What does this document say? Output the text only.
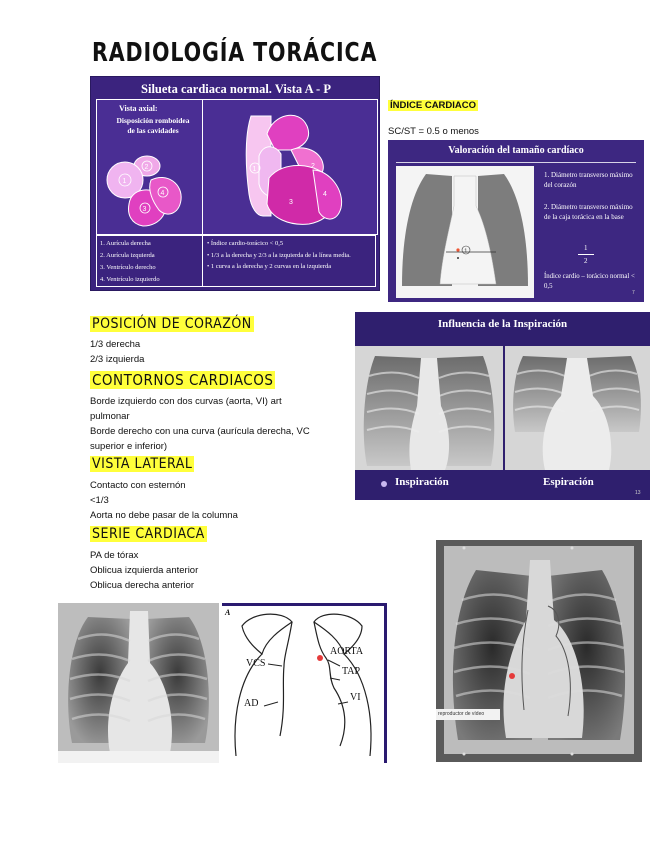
RADIOLOGÍA TORÁCICA
Silueta cardiaca normal. Vista A - P
Vista axial:
Disposición romboidea de las cavidades
1
2
3
4
1	2
3
4
1. Aurícula derecha
2. Aurícula izquierda
3. Ventrículo derecho
4. Ventrículo izquierdo
• Índice cardio-torácico < 0,5
• 1/3 a la derecha y 2/3 a la izquierda de la línea media.
• 1 curva a la derecha y 2 curvas en la izquierda
ÍNDICE CARDIACO
SC/ST = 0.5 o menos
Valoración del tamaño cardíaco
1
1. Diámetro transverso máximo del corazón
2. Diámetro transverso máximo de la caja torácica en la base
1
2
Índice cardio – torácico normal < 0,5
7
POSICIÓN DE CORAZÓN
1/3 derecha
2/3 izquierda
CONTORNOS CARDIACOS
Borde izquierdo con dos curvas (aorta, VI) art
pulmonar
Borde derecho con una curva (aurícula derecha, VC
superior e inferior)
VISTA LATERAL
Contacto con esternón
<1/3
Aorta no debe pasar de la columna
SERIE CARDIACA
PA de tórax
Oblicua izquierda anterior
Oblicua derecha anterior
Influencia de la Inspiración
Inspiración	Espiración
13
A
VCS
AD
AORTA
TAP
VI
reproductor de vídeo
